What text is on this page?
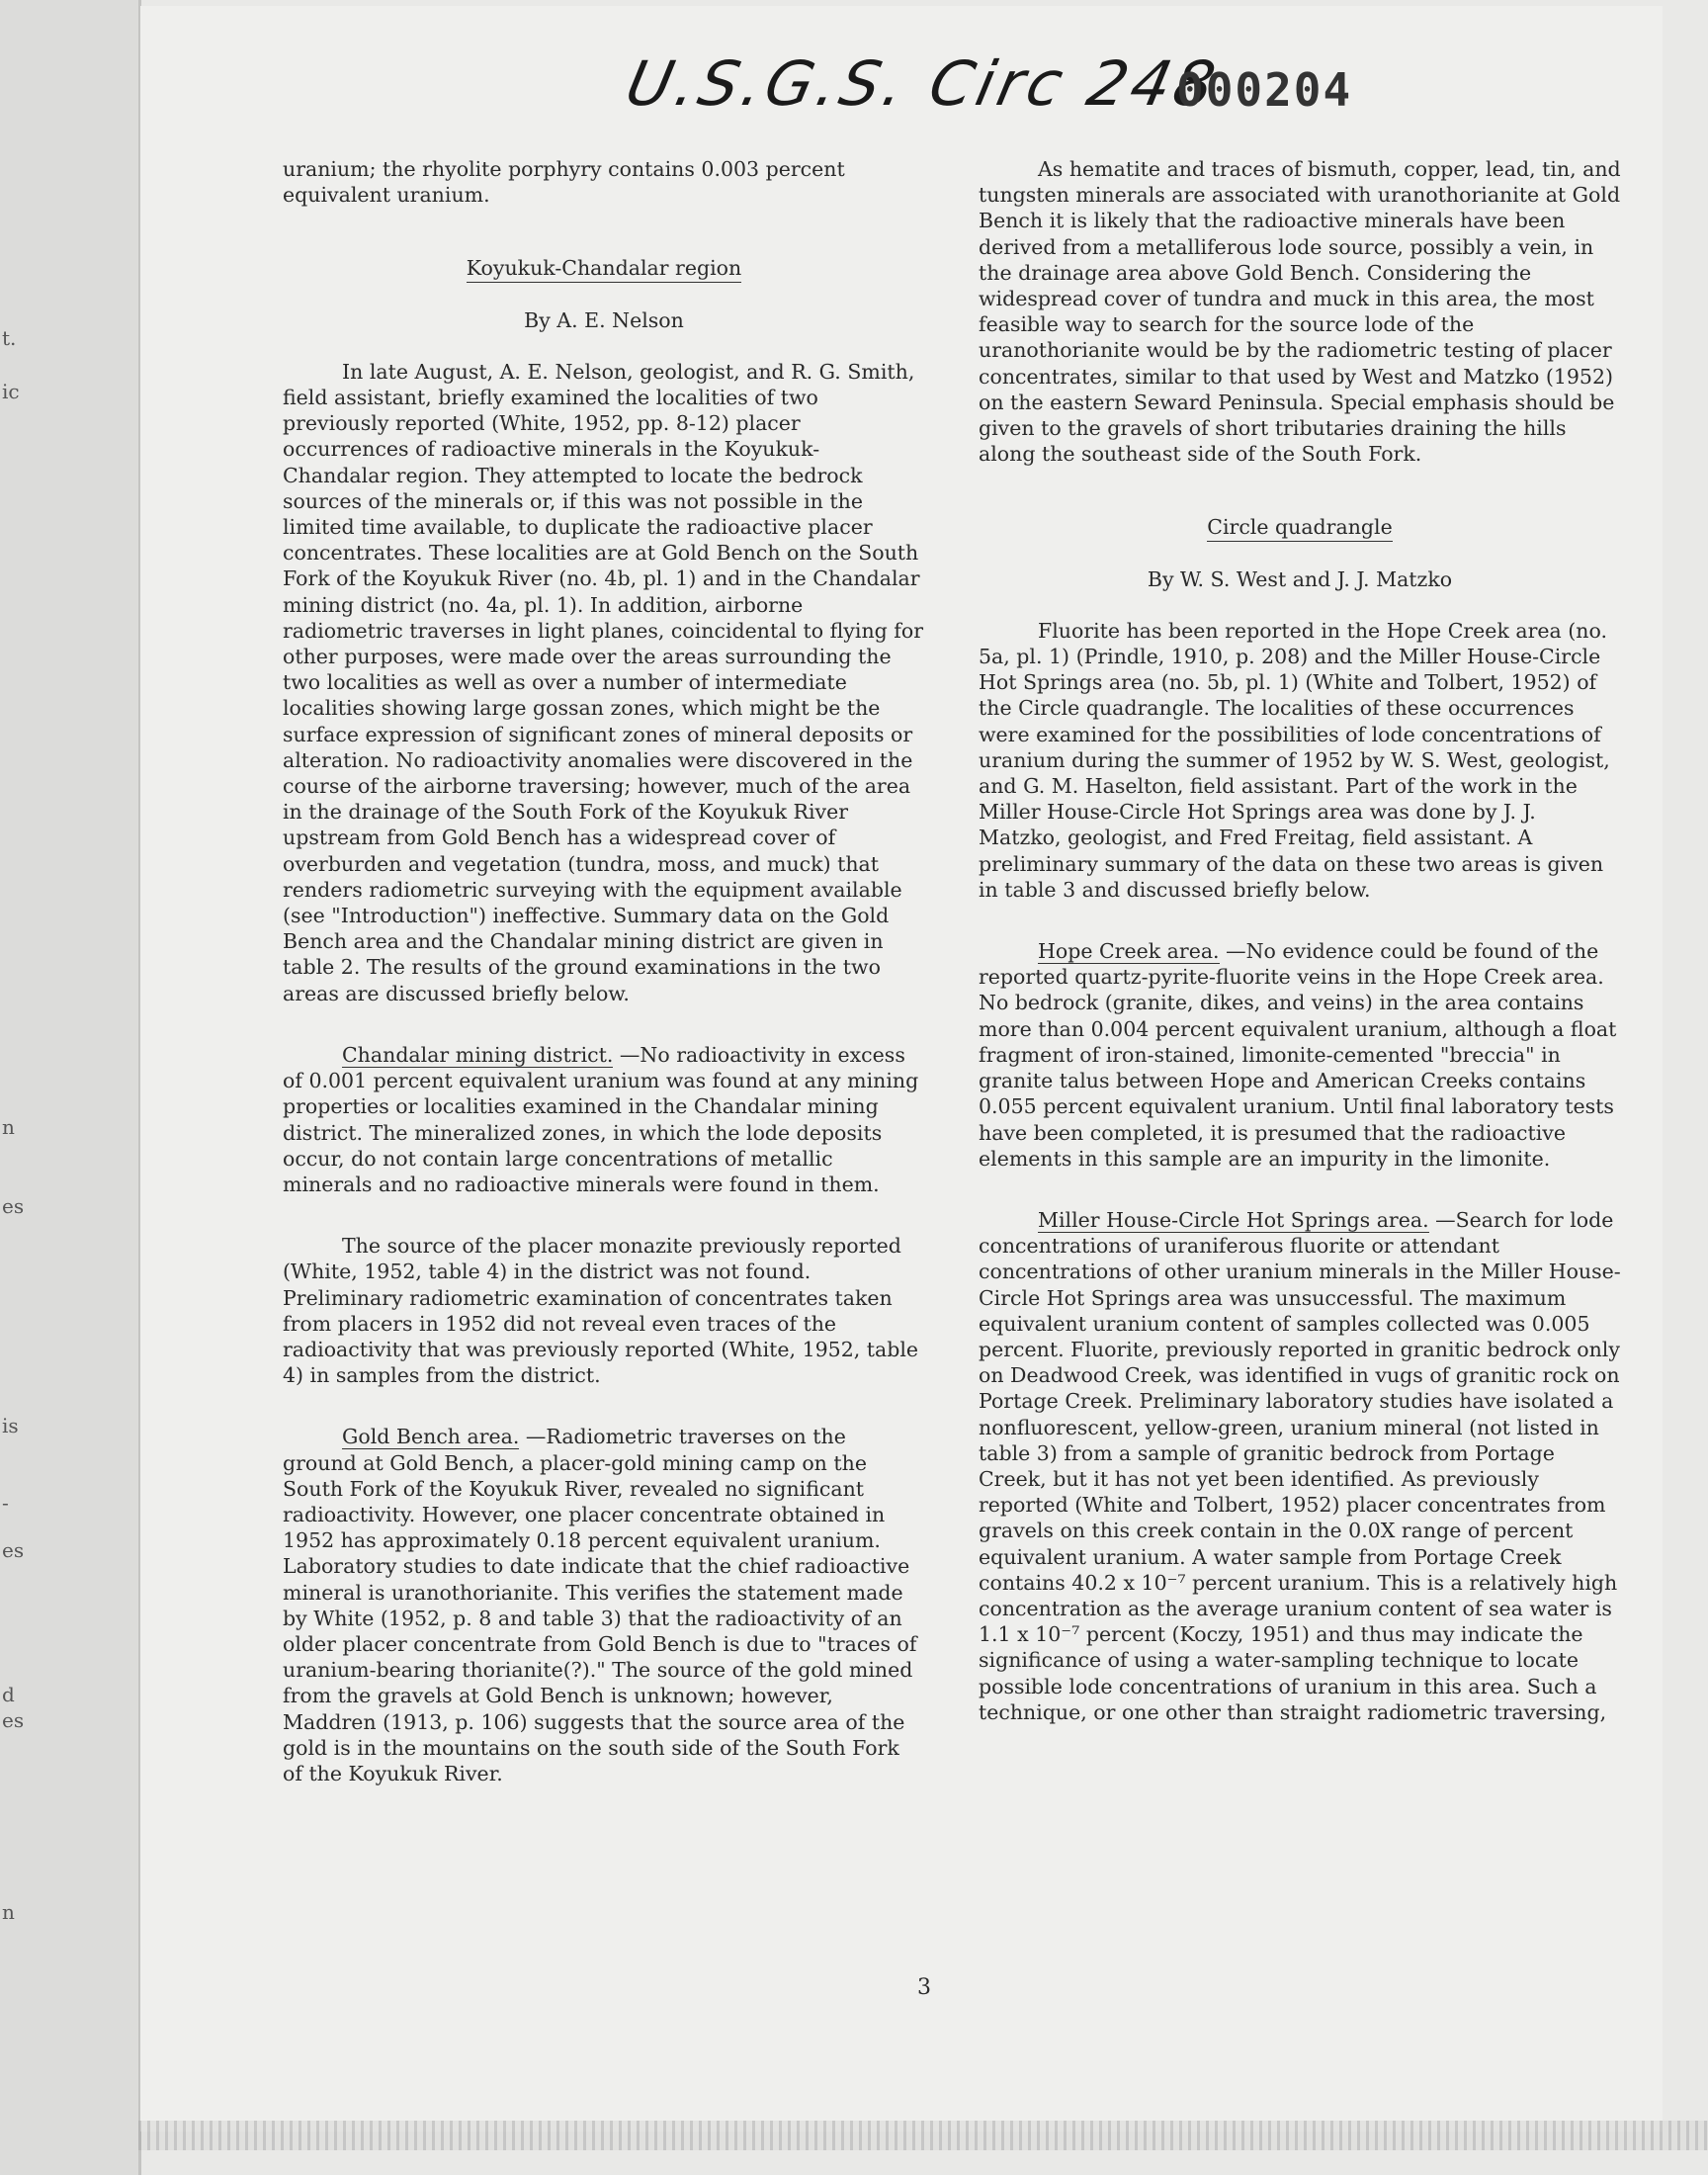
t.
ic
n
es
is
-
es
d
es
n
U.S.G.S. Circ 248
000204

uranium; the rhyolite porphyry contains 0.003 percent equivalent uranium.

Koyukuk-Chandalar region

By A. E. Nelson

In late August, A. E. Nelson, geologist, and R. G. Smith, field assistant, briefly examined the localities of two previously reported (White, 1952, pp. 8-12) placer occurrences of radioactive minerals in the Koyukuk-Chandalar region. They attempted to locate the bedrock sources of the minerals or, if this was not possible in the limited time available, to duplicate the radioactive placer concentrates. These localities are at Gold Bench on the South Fork of the Koyukuk River (no. 4b, pl. 1) and in the Chandalar mining district (no. 4a, pl. 1). In addition, airborne radiometric traverses in light planes, coincidental to flying for other purposes, were made over the areas surrounding the two localities as well as over a number of intermediate localities showing large gossan zones, which might be the surface expression of significant zones of mineral deposits or alteration. No radioactivity anomalies were discovered in the course of the airborne traversing; however, much of the area in the drainage of the South Fork of the Koyukuk River upstream from Gold Bench has a widespread cover of overburden and vegetation (tundra, moss, and muck) that renders radiometric surveying with the equipment available (see "Introduction") ineffective. Summary data on the Gold Bench area and the Chandalar mining district are given in table 2. The results of the ground examinations in the two areas are discussed briefly below.

Chandalar mining district. —No radioactivity in excess of 0.001 percent equivalent uranium was found at any mining properties or localities examined in the Chandalar mining district. The mineralized zones, in which the lode deposits occur, do not contain large concentrations of metallic minerals and no radioactive minerals were found in them.

The source of the placer monazite previously reported (White, 1952, table 4) in the district was not found. Preliminary radiometric examination of concentrates taken from placers in 1952 did not reveal even traces of the radioactivity that was previously reported (White, 1952, table 4) in samples from the district.

Gold Bench area. —Radiometric traverses on the ground at Gold Bench, a placer-gold mining camp on the South Fork of the Koyukuk River, revealed no significant radioactivity. However, one placer concentrate obtained in 1952 has approximately 0.18 percent equivalent uranium. Laboratory studies to date indicate that the chief radioactive mineral is uranothorianite. This verifies the statement made by White (1952, p. 8 and table 3) that the radioactivity of an older placer concentrate from Gold Bench is due to "traces of uranium-bearing thorianite(?)." The source of the gold mined from the gravels at Gold Bench is unknown; however, Maddren (1913, p. 106) suggests that the source area of the gold is in the mountains on the south side of the South Fork of the Koyukuk River.

As hematite and traces of bismuth, copper, lead, tin, and tungsten minerals are associated with uranothorianite at Gold Bench it is likely that the radioactive minerals have been derived from a metalliferous lode source, possibly a vein, in the drainage area above Gold Bench. Considering the widespread cover of tundra and muck in this area, the most feasible way to search for the source lode of the uranothorianite would be by the radiometric testing of placer concentrates, similar to that used by West and Matzko (1952) on the eastern Seward Peninsula. Special emphasis should be given to the gravels of short tributaries draining the hills along the southeast side of the South Fork.

Circle quadrangle

By W. S. West and J. J. Matzko

Fluorite has been reported in the Hope Creek area (no. 5a, pl. 1) (Prindle, 1910, p. 208) and the Miller House-Circle Hot Springs area (no. 5b, pl. 1) (White and Tolbert, 1952) of the Circle quadrangle. The localities of these occurrences were examined for the possibilities of lode concentrations of uranium during the summer of 1952 by W. S. West, geologist, and G. M. Haselton, field assistant. Part of the work in the Miller House-Circle Hot Springs area was done by J. J. Matzko, geologist, and Fred Freitag, field assistant. A preliminary summary of the data on these two areas is given in table 3 and discussed briefly below.

Hope Creek area. —No evidence could be found of the reported quartz-pyrite-fluorite veins in the Hope Creek area. No bedrock (granite, dikes, and veins) in the area contains more than 0.004 percent equivalent uranium, although a float fragment of iron-stained, limonite-cemented "breccia" in granite talus between Hope and American Creeks contains 0.055 percent equivalent uranium. Until final laboratory tests have been completed, it is presumed that the radioactive elements in this sample are an impurity in the limonite.

Miller House-Circle Hot Springs area. —Search for lode concentrations of uraniferous fluorite or attendant concentrations of other uranium minerals in the Miller House-Circle Hot Springs area was unsuccessful. The maximum equivalent uranium content of samples collected was 0.005 percent. Fluorite, previously reported in granitic bedrock only on Deadwood Creek, was identified in vugs of granitic rock on Portage Creek. Preliminary laboratory studies have isolated a nonfluorescent, yellow-green, uranium mineral (not listed in table 3) from a sample of granitic bedrock from Portage Creek, but it has not yet been identified. As previously reported (White and Tolbert, 1952) placer concentrates from gravels on this creek contain in the 0.0X range of percent equivalent uranium. A water sample from Portage Creek contains 40.2 x 10⁻⁷ percent uranium. This is a relatively high concentration as the average uranium content of sea water is 1.1 x 10⁻⁷ percent (Koczy, 1951) and thus may indicate the significance of using a water-sampling technique to locate possible lode concentrations of uranium in this area. Such a technique, or one other than straight radiometric traversing,

3
